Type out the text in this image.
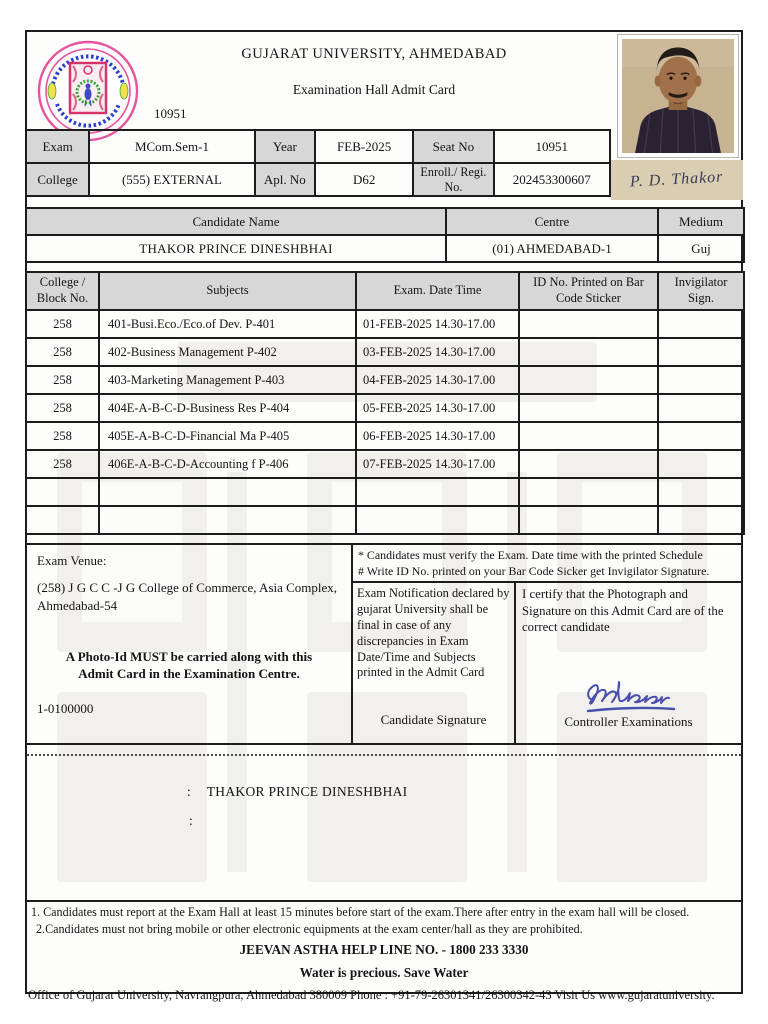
GUJARAT UNIVERSITY, AHMEDABAD
Examination Hall Admit Card
10951
P. D. Thakor
Exam	MCom.Sem-1	Year	FEB-2025	Seat No	10951
College	(555) EXTERNAL	Apl. No	D62	Enroll./ Regi. No.	202453300607
Candidate Name	Centre	Medium
THAKOR PRINCE DINESHBHAI	(01) AHMEDABAD-1	Guj
College / Block No.	Subjects	Exam. Date Time	ID No. Printed on Bar Code Sticker	Invigilator Sign.
258	401-Busi.Eco./Eco.of Dev. P-401	01-FEB-2025 14.30-17.00		
258	402-Business Management P-402	03-FEB-2025 14.30-17.00		
258	403-Marketing Management P-403	04-FEB-2025 14.30-17.00		
258	404E-A-B-C-D-Business Res P-404	05-FEB-2025 14.30-17.00		
258	405E-A-B-C-D-Financial Ma P-405	06-FEB-2025 14.30-17.00		
258	406E-A-B-C-D-Accounting f P-406	07-FEB-2025 14.30-17.00		

Exam Venue:
(258) J G C C -J G College of Commerce, Asia Complex, Ahmedabad-54
A Photo-Id MUST be carried along with this Admit Card in the Examination Centre.
1-0100000
* Candidates must verify the Exam. Date time with the printed Schedule
# Write ID No. printed on your Bar Code Sicker get Invigilator Signature.
Exam Notification declared by gujarat University shall be final in case of any discrepancies in Exam Date/Time and Subjects printed in the Admit Card
Candidate Signature
I certify that the Photograph and Signature on this Admit Card are of the correct candidate
Controller Examinations
: THAKOR PRINCE DINESHBHAI
:
1. Candidates must report at the Exam Hall at least 15 minutes before start of the exam.There after entry in the exam hall will be closed.
2.Candidates must not bring mobile or other electronic equipments at the exam center/hall as they are prohibited.
JEEVAN ASTHA HELP LINE NO. - 1800 233 3330
Water is precious. Save Water
Office of Gujarat University, Navrangpura, Ahmedabad 380009 Phone : +91-79-26301341/26300342-43 Visit Us www.gujaratuniversity.
